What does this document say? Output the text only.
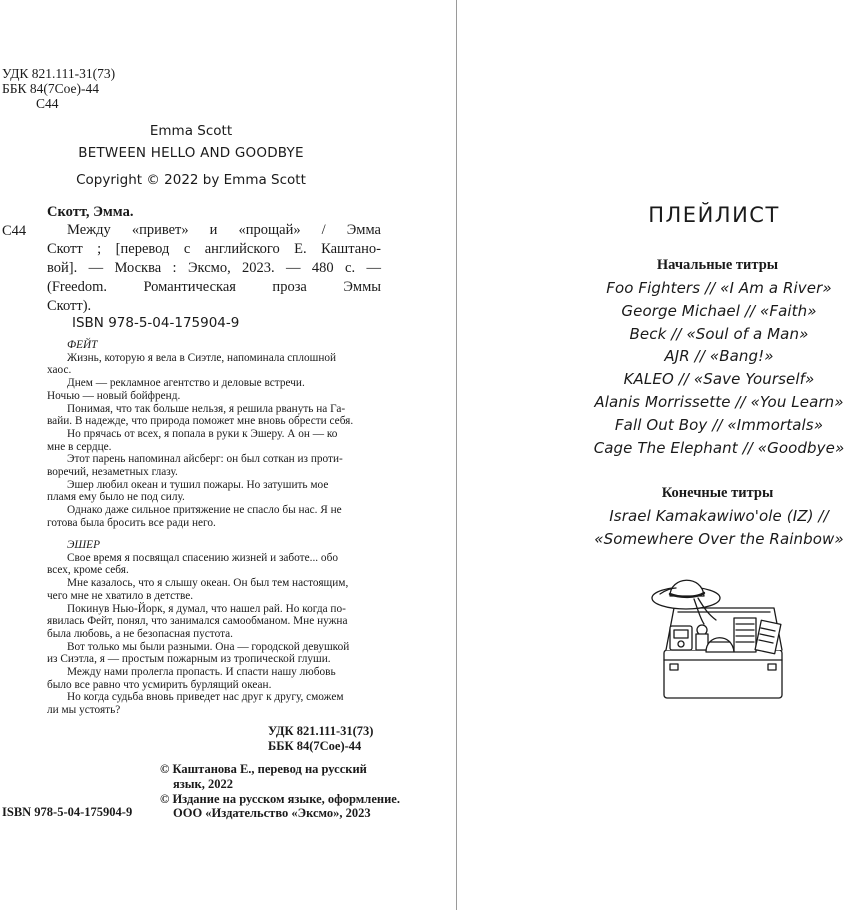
УДК 821.111-31(73)
ББК 84(7Сое)-44
С44
Emma Scott
BETWEEN HELLO AND GOODBYE
Copyright © 2022 by Emma Scott
Скотт, Эмма.
С44	Между «привет» и «прощай» / Эмма
Скотт ; [перевод с английского Е. Каштано-
вой]. — Москва : Эксмо, 2023. — 480 с. —
(Freedom. Романтическая проза Эммы
Скотт).
ISBN 978-5-04-175904-9
ФЕЙТ
Жизнь, которую я вела в Сиэтле, напоминала сплошной
хаос.
Днем — рекламное агентство и деловые встречи.
Ночью — новый бойфренд.
Понимая, что так больше нельзя, я решила рвануть на Га-
вайи. В надежде, что природа поможет мне вновь обрести себя.
Но прячась от всех, я попала в руки к Эшеру. А он — ко
мне в сердце.
Этот парень напоминал айсберг: он был соткан из проти-
воречий, незаметных глазу.
Эшер любил океан и тушил пожары. Но затушить мое
пламя ему было не под силу.
Однако даже сильное притяжение не спасло бы нас. Я не
готова была бросить все ради него.
ЭШЕР
Свое время я посвящал спасению жизней и заботе... обо
всех, кроме себя.
Мне казалось, что я слышу океан. Он был тем настоящим,
чего мне не хватило в детстве.
Покинув Нью-Йорк, я думал, что нашел рай. Но когда по-
явилась Фейт, понял, что занимался самообманом. Мне нужна
была любовь, а не безопасная пустота.
Вот только мы были разными. Она — городской девушкой
из Сиэтла, я — простым пожарным из тропической глуши.
Между нами пролегла пропасть. И спасти нашу любовь
было все равно что усмирить бурлящий океан.
Но когда судьба вновь приведет нас друг к другу, сможем
ли мы устоять?
УДК 821.111-31(73)
ББК 84(7Сое)-44
© Каштанова Е., перевод на русский
язык, 2022
© Издание на русском языке, оформление.
ООО «Издательство «Эксмо», 2023
ISBN 978-5-04-175904-9
ПЛЕЙЛИСТ
Начальные титры
Foo Fighters // «I Am a River»
George Michael // «Faith»
Beck // «Soul of a Man»
AJR // «Bang!»
KALEO // «Save Yourself»
Alanis Morrissette // «You Learn»
Fall Out Boy // «Immortals»
Cage The Elephant // «Goodbye»
Конечные титры
Israel Kamakawiwo'ole (IZ) //
«Somewhere Over the Rainbow»
